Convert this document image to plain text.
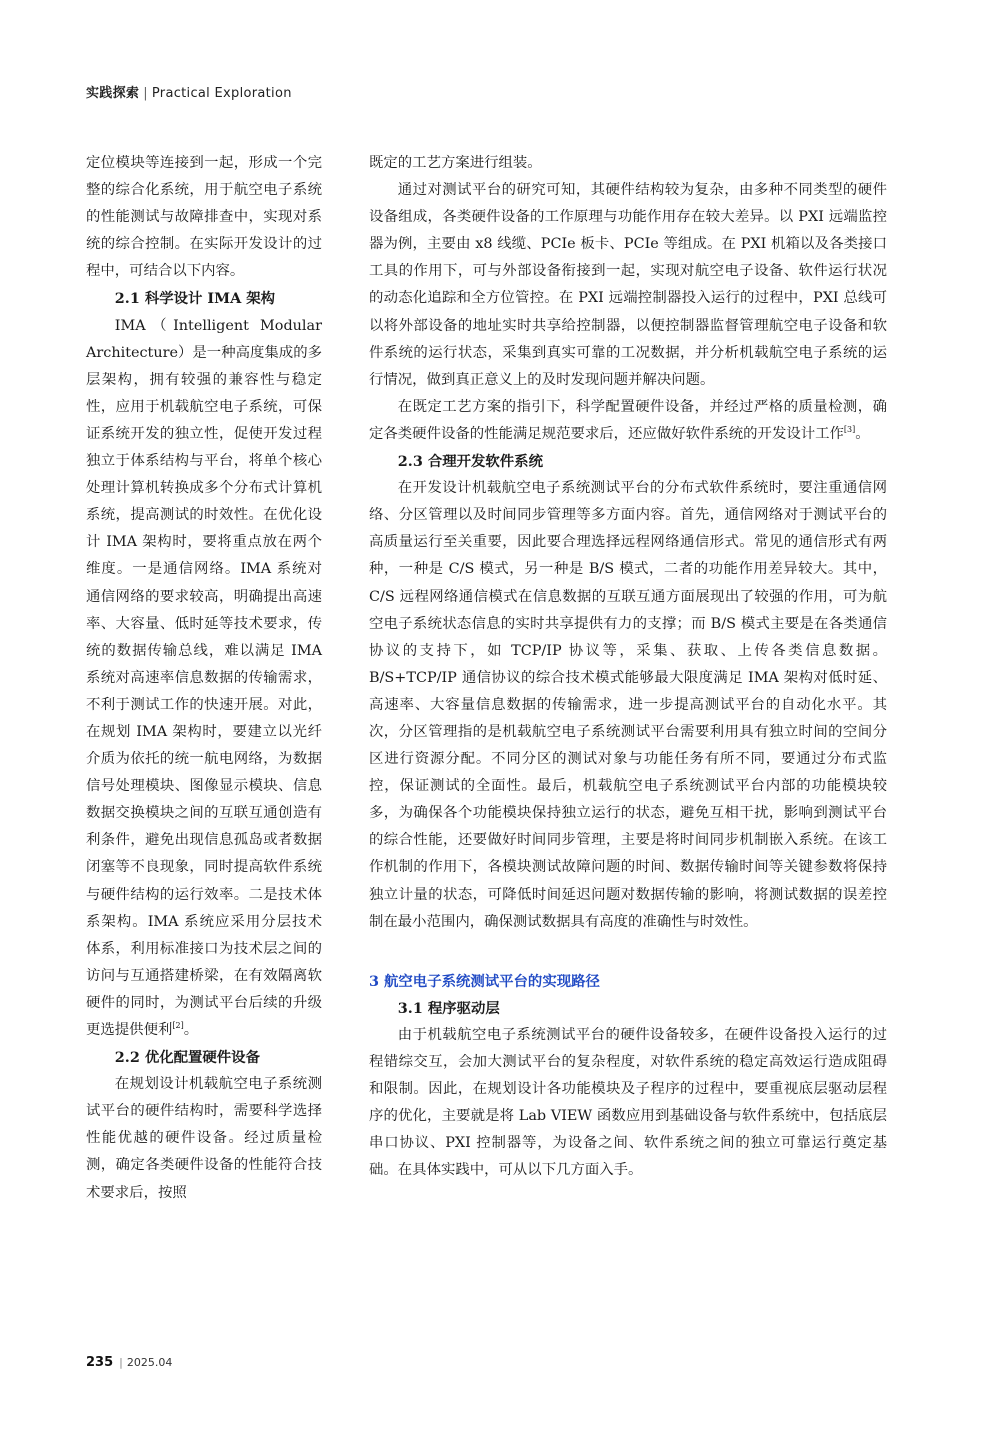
实践探索 | Practical Exploration

定位模块等连接到一起，形成一个完整的综合化系统，用于航空电子系统的性能测试与故障排查中，实现对系统的综合控制。在实际开发设计的过程中，可结合以下内容。

2.1 科学设计 IMA 架构

IMA（Intelligent Modular Architecture）是一种高度集成的多层架构，拥有较强的兼容性与稳定性，应用于机载航空电子系统，可保证系统开发的独立性，促使开发过程独立于体系结构与平台，将单个核心处理计算机转换成多个分布式计算机系统，提高测试的时效性。在优化设计 IMA 架构时，要将重点放在两个维度。一是通信网络。IMA 系统对通信网络的要求较高，明确提出高速率、大容量、低时延等技术要求，传统的数据传输总线，难以满足 IMA 系统对高速率信息数据的传输需求，不利于测试工作的快速开展。对此，在规划 IMA 架构时，要建立以光纤介质为依托的统一航电网络，为数据信号处理模块、图像显示模块、信息数据交换模块之间的互联互通创造有利条件，避免出现信息孤岛或者数据闭塞等不良现象，同时提高软件系统与硬件结构的运行效率。二是技术体系架构。IMA 系统应采用分层技术体系，利用标准接口为技术层之间的访问与互通搭建桥梁，在有效隔离软硬件的同时，为测试平台后续的升级更选提供便利[2]。

2.2 优化配置硬件设备

在规划设计机载航空电子系统测试平台的硬件结构时，需要科学选择性能优越的硬件设备。经过质量检测，确定各类硬件设备的性能符合技术要求后，按照

既定的工艺方案进行组装。

通过对测试平台的研究可知，其硬件结构较为复杂，由多种不同类型的硬件设备组成，各类硬件设备的工作原理与功能作用存在较大差异。以 PXI 远端监控器为例，主要由 x8 线缆、PCIe 板卡、PCIe 等组成。在 PXI 机箱以及各类接口工具的作用下，可与外部设备衔接到一起，实现对航空电子设备、软件运行状况的动态化追踪和全方位管控。在 PXI 远端控制器投入运行的过程中，PXI 总线可以将外部设备的地址实时共享给控制器，以便控制器监督管理航空电子设备和软件系统的运行状态，采集到真实可靠的工况数据，并分析机载航空电子系统的运行情况，做到真正意义上的及时发现问题并解决问题。

在既定工艺方案的指引下，科学配置硬件设备，并经过严格的质量检测，确定各类硬件设备的性能满足规范要求后，还应做好软件系统的开发设计工作[3]。

2.3 合理开发软件系统

在开发设计机载航空电子系统测试平台的分布式软件系统时，要注重通信网络、分区管理以及时间同步管理等多方面内容。首先，通信网络对于测试平台的高质量运行至关重要，因此要合理选择远程网络通信形式。常见的通信形式有两种，一种是 C/S 模式，另一种是 B/S 模式，二者的功能作用差异较大。其中，C/S 远程网络通信模式在信息数据的互联互通方面展现出了较强的作用，可为航空电子系统状态信息的实时共享提供有力的支撑；而 B/S 模式主要是在各类通信协议的支持下，如 TCP/IP 协议等，采集、获取、上传各类信息数据。B/S+TCP/IP 通信协议的综合技术模式能够最大限度满足 IMA 架构对低时延、高速率、大容量信息数据的传输需求，进一步提高测试平台的自动化水平。其次，分区管理指的是机载航空电子系统测试平台需要利用具有独立时间的空间分区进行资源分配。不同分区的测试对象与功能任务有所不同，要通过分布式监控，保证测试的全面性。最后，机载航空电子系统测试平台内部的功能模块较多，为确保各个功能模块保持独立运行的状态，避免互相干扰，影响到测试平台的综合性能，还要做好时间同步管理，主要是将时间同步机制嵌入系统。在该工作机制的作用下，各模块测试故障问题的时间、数据传输时间等关键参数将保持独立计量的状态，可降低时间延迟问题对数据传输的影响，将测试数据的误差控制在最小范围内，确保测试数据具有高度的准确性与时效性。

3 航空电子系统测试平台的实现路径

3.1 程序驱动层

由于机载航空电子系统测试平台的硬件设备较多，在硬件设备投入运行的过程错综交互，会加大测试平台的复杂程度，对软件系统的稳定高效运行造成阻碍和限制。因此，在规划设计各功能模块及子程序的过程中，要重视底层驱动层程序的优化，主要就是将 Lab VIEW 函数应用到基础设备与软件系统中，包括底层串口协议、PXI 控制器等，为设备之间、软件系统之间的独立可靠运行奠定基础。在具体实践中，可从以下几方面入手。

235 | 2025.04
